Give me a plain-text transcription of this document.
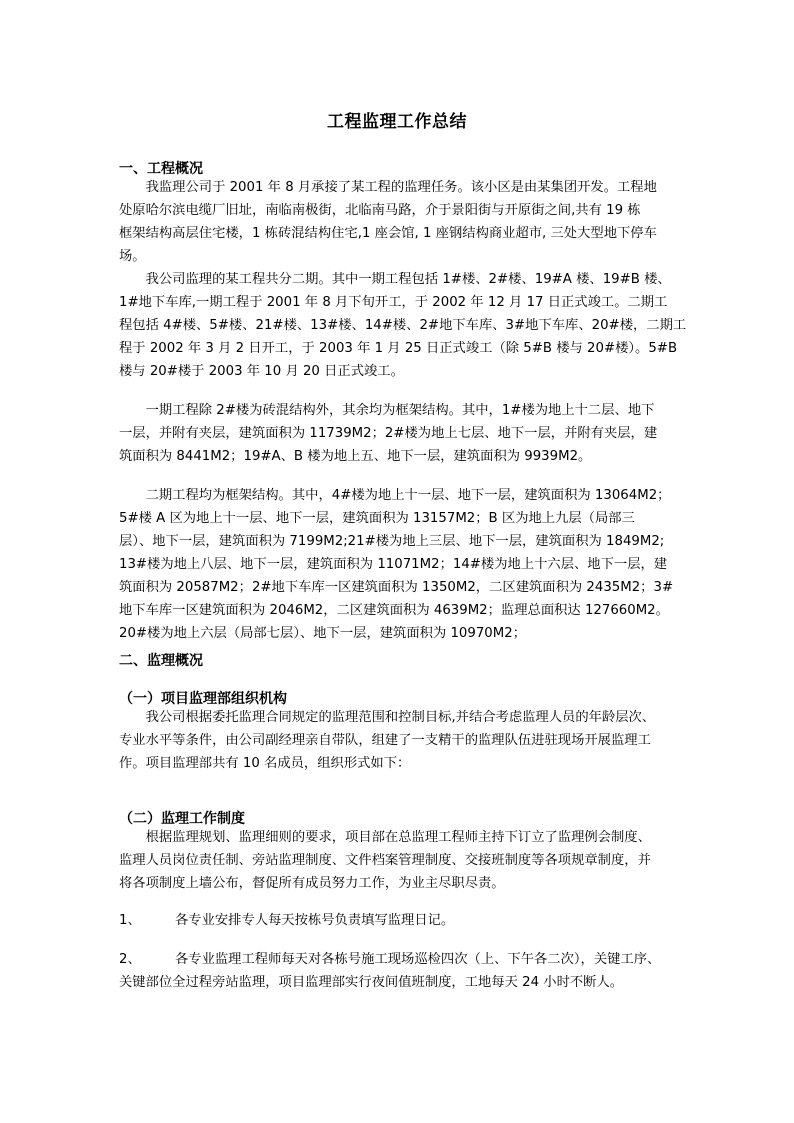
工程监理工作总结
一、工程概况
　　我监理公司于 2001 年 8 月承接了某工程的监理任务。该小区是由某集团开发。工程地
处原哈尔滨电缆厂旧址，南临南极街，北临南马路，介于景阳街与开原街之间,共有 19 栋
框架结构高层住宅楼，1 栋砖混结构住宅,1 座会馆, 1 座钢结构商业超市, 三处大型地下停车
场。
　　我公司监理的某工程共分二期。其中一期工程包括 1#楼、2#楼、19#A 楼、19#B 楼、
1#地下车库,一期工程于 2001 年 8 月下旬开工，于 2002 年 12 月 17 日正式竣工。二期工
程包括 4#楼、5#楼、21#楼、13#楼、14#楼、2#地下车库、3#地下车库、20#楼，二期工
程于 2002 年 3 月 2 日开工，于 2003 年 1 月 25 日正式竣工（除 5#B 楼与 20#楼）。5#B
楼与 20#楼于 2003 年 10 月 20 日正式竣工。
　　一期工程除 2#楼为砖混结构外，其余均为框架结构。其中，1#楼为地上十二层、地下
一层，并附有夹层，建筑面积为 11739M2；2#楼为地上七层、地下一层，并附有夹层，建
筑面积为 8441M2；19#A、B 楼为地上五、地下一层，建筑面积为 9939M2。
　　二期工程均为框架结构。其中，4#楼为地上十一层、地下一层，建筑面积为 13064M2；
5#楼 A 区为地上十一层、地下一层，建筑面积为 13157M2；B 区为地上九层（局部三
层）、地下一层，建筑面积为 7199M2;21#楼为地上三层、地下一层，建筑面积为 1849M2;
13#楼为地上八层、地下一层，建筑面积为 11071M2；14#楼为地上十六层、地下一层，建
筑面积为 20587M2；2#地下车库一区建筑面积为 1350M2，二区建筑面积为 2435M2；3#
地下车库一区建筑面积为 2046M2，二区建筑面积为 4639M2；监理总面积达 127660M2。
20#楼为地上六层（局部七层）、地下一层，建筑面积为 10970M2；
二、监理概况
（一）项目监理部组织机构
　　我公司根据委托监理合同规定的监理范围和控制目标,并结合考虑监理人员的年龄层次、
专业水平等条件，由公司副经理亲自带队，组建了一支精干的监理队伍进驻现场开展监理工
作。项目监理部共有 10 名成员，组织形式如下：
（二）监理工作制度
　　根据监理规划、监理细则的要求，项目部在总监理工程师主持下订立了监理例会制度、
监理人员岗位责任制、旁站监理制度、文件档案管理制度、交接班制度等各项规章制度，并
将各项制度上墙公布，督促所有成员努力工作，为业主尽职尽责。
1、	各专业安排专人每天按栋号负责填写监理日记。
2、	各专业监理工程师每天对各栋号施工现场巡检四次（上、下午各二次），关键工序、
关键部位全过程旁站监理，项目监理部实行夜间值班制度，工地每天 24 小时不断人。
